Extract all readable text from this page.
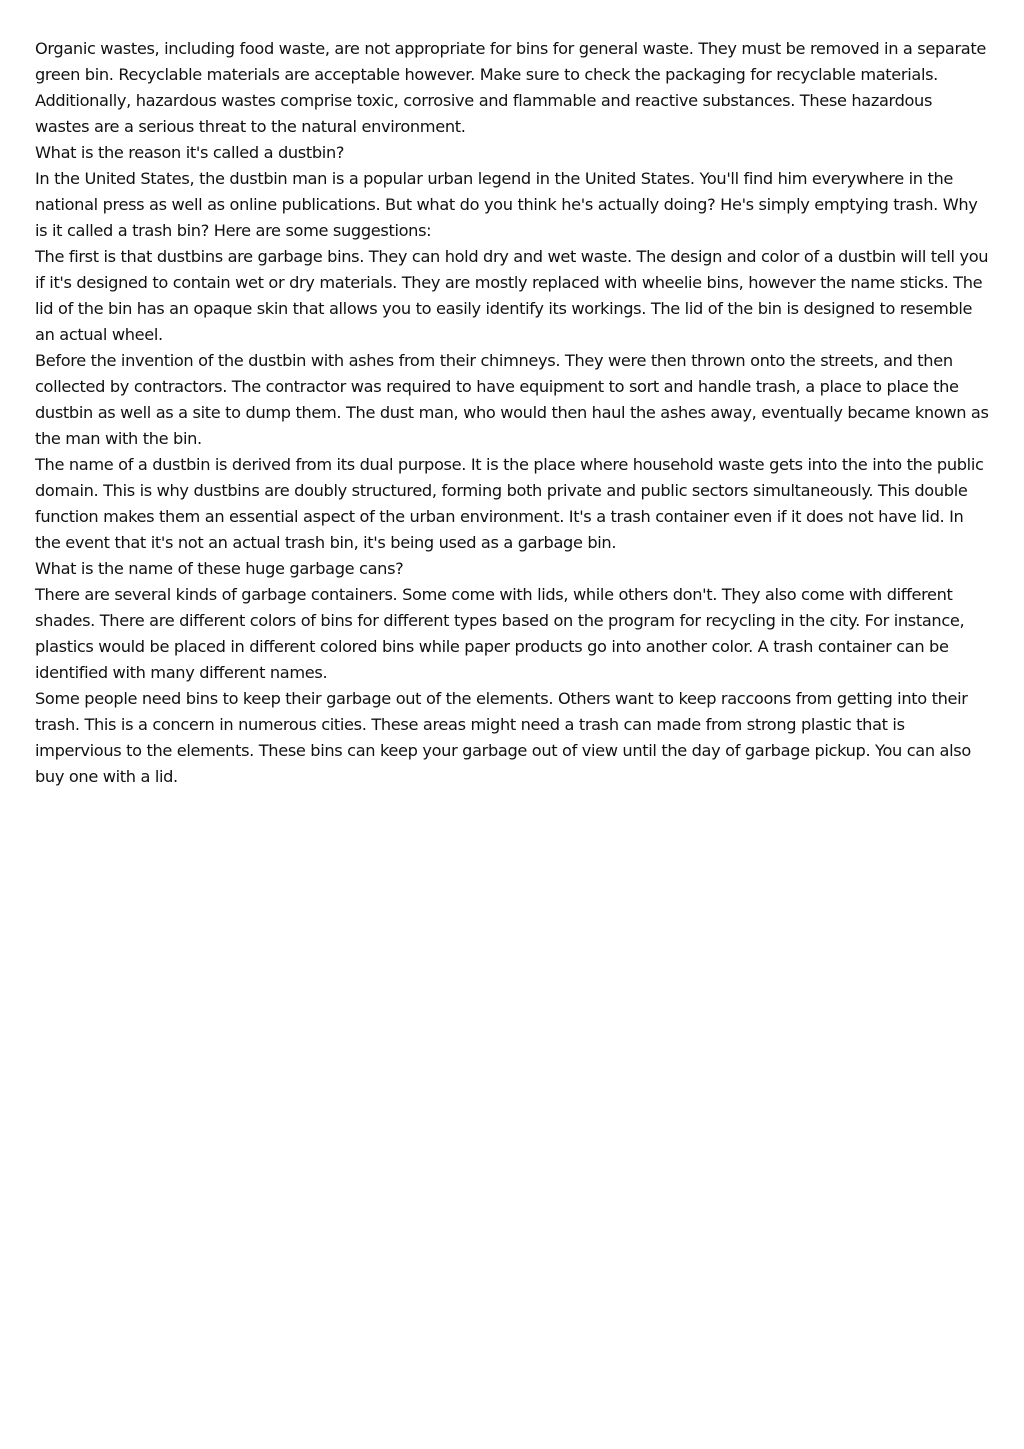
Organic wastes, including food waste, are not appropriate for bins for general waste. They must be removed in a separate green bin. Recyclable materials are acceptable however. Make sure to check the packaging for recyclable materials. Additionally, hazardous wastes comprise toxic, corrosive and flammable and reactive substances. These hazardous wastes are a serious threat to the natural environment.

What is the reason it's called a dustbin?

In the United States, the dustbin man is a popular urban legend in the United States. You'll find him everywhere in the national press as well as online publications. But what do you think he's actually doing? He's simply emptying trash. Why is it called a trash bin? Here are some suggestions:

The first is that dustbins are garbage bins. They can hold dry and wet waste. The design and color of a dustbin will tell you if it's designed to contain wet or dry materials. They are mostly replaced with wheelie bins, however the name sticks. The lid of the bin has an opaque skin that allows you to easily identify its workings. The lid of the bin is designed to resemble an actual wheel.

Before the invention of the dustbin with ashes from their chimneys. They were then thrown onto the streets, and then collected by contractors. The contractor was required to have equipment to sort and handle trash, a place to place the dustbin as well as a site to dump them. The dust man, who would then haul the ashes away, eventually became known as the man with the bin.

The name of a dustbin is derived from its dual purpose. It is the place where household waste gets into the into the public domain. This is why dustbins are doubly structured, forming both private and public sectors simultaneously. This double function makes them an essential aspect of the urban environment. It's a trash container even if it does not have lid. In the event that it's not an actual trash bin, it's being used as a garbage bin.

What is the name of these huge garbage cans?

There are several kinds of garbage containers. Some come with lids, while others don't. They also come with different shades. There are different colors of bins for different types based on the program for recycling in the city. For instance, plastics would be placed in different colored bins while paper products go into another color. A trash container can be identified with many different names.

Some people need bins to keep their garbage out of the elements. Others want to keep raccoons from getting into their trash. This is a concern in numerous cities. These areas might need a trash can made from strong plastic that is impervious to the elements. These bins can keep your garbage out of view until the day of garbage pickup. You can also buy one with a lid.
